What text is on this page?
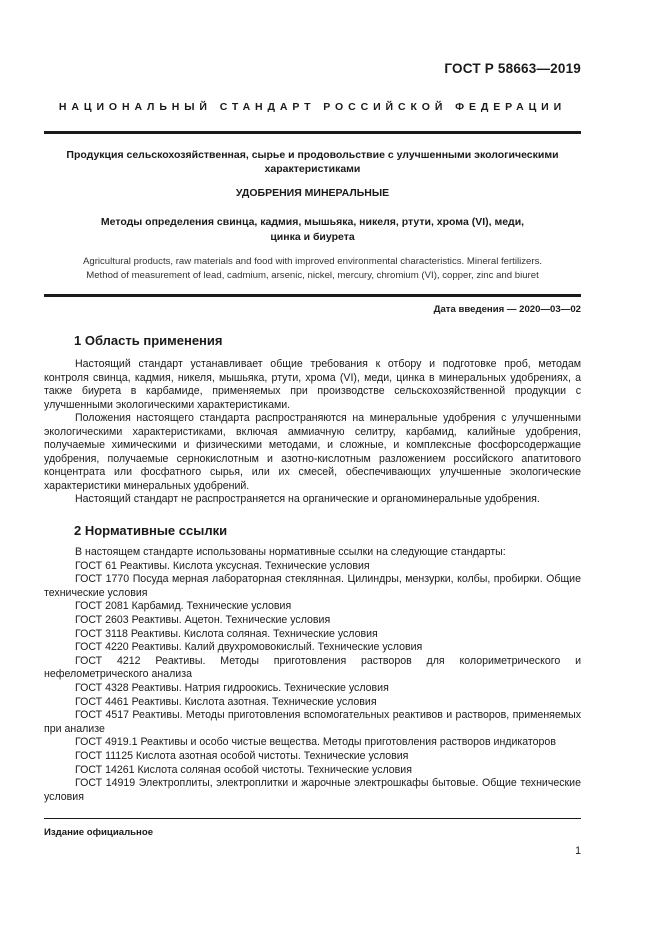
ГОСТ Р 58663—2019
НАЦИОНАЛЬНЫЙ СТАНДАРТ РОССИЙСКОЙ ФЕДЕРАЦИИ
Продукция сельскохозяйственная, сырье и продовольствие с улучшенными экологическими
характеристиками
УДОБРЕНИЯ МИНЕРАЛЬНЫЕ
Методы определения свинца, кадмия, мышьяка, никеля, ртути, хрома (VI), меди,
цинка и биурета
Agricultural products, raw materials and food with improved environmental characteristics. Mineral fertilizers.
Method of measurement of lead, cadmium, arsenic, nickel, mercury, chromium (VI), copper, zinc and biuret
Дата введения — 2020—03—02
1 Область применения
Настоящий стандарт устанавливает общие требования к отбору и подготовке проб, методам контроля свинца, кадмия, никеля, мышьяка, ртути, хрома (VI), меди, цинка в минеральных удобрениях, а также биурета в карбамиде, применяемых при производстве сельскохозяйственной продукции с улучшенными экологическими характеристиками.
Положения настоящего стандарта распространяются на минеральные удобрения с улучшенными экологическими характеристиками, включая аммиачную селитру, карбамид, калийные удобрения, получаемые химическими и физическими методами, и сложные, и комплексные фосфорсодержащие удобрения, получаемые сернокислотным и азотно-кислотным разложением российского апатитового концентрата или фосфатного сырья, или их смесей, обеспечивающих улучшенные экологические характеристики минеральных удобрений.
Настоящий стандарт не распространяется на органические и органоминеральные удобрения.
2 Нормативные ссылки
В настоящем стандарте использованы нормативные ссылки на следующие стандарты:
ГОСТ 61 Реактивы. Кислота уксусная. Технические условия
ГОСТ 1770 Посуда мерная лабораторная стеклянная. Цилиндры, мензурки, колбы, пробирки. Общие технические условия
ГОСТ 2081 Карбамид. Технические условия
ГОСТ 2603 Реактивы. Ацетон. Технические условия
ГОСТ 3118 Реактивы. Кислота соляная. Технические условия
ГОСТ 4220 Реактивы. Калий двухромовокислый. Технические условия
ГОСТ 4212 Реактивы. Методы приготовления растворов для колориметрического и нефелометрического анализа
ГОСТ 4328 Реактивы. Натрия гидроокись. Технические условия
ГОСТ 4461 Реактивы. Кислота азотная. Технические условия
ГОСТ 4517 Реактивы. Методы приготовления вспомогательных реактивов и растворов, применяемых при анализе
ГОСТ 4919.1 Реактивы и особо чистые вещества. Методы приготовления растворов индикаторов
ГОСТ 11125 Кислота азотная особой чистоты. Технические условия
ГОСТ 14261 Кислота соляная особой чистоты. Технические условия
ГОСТ 14919 Электроплиты, электроплитки и жарочные электрошкафы бытовые. Общие технические условия
Издание официальное
1
